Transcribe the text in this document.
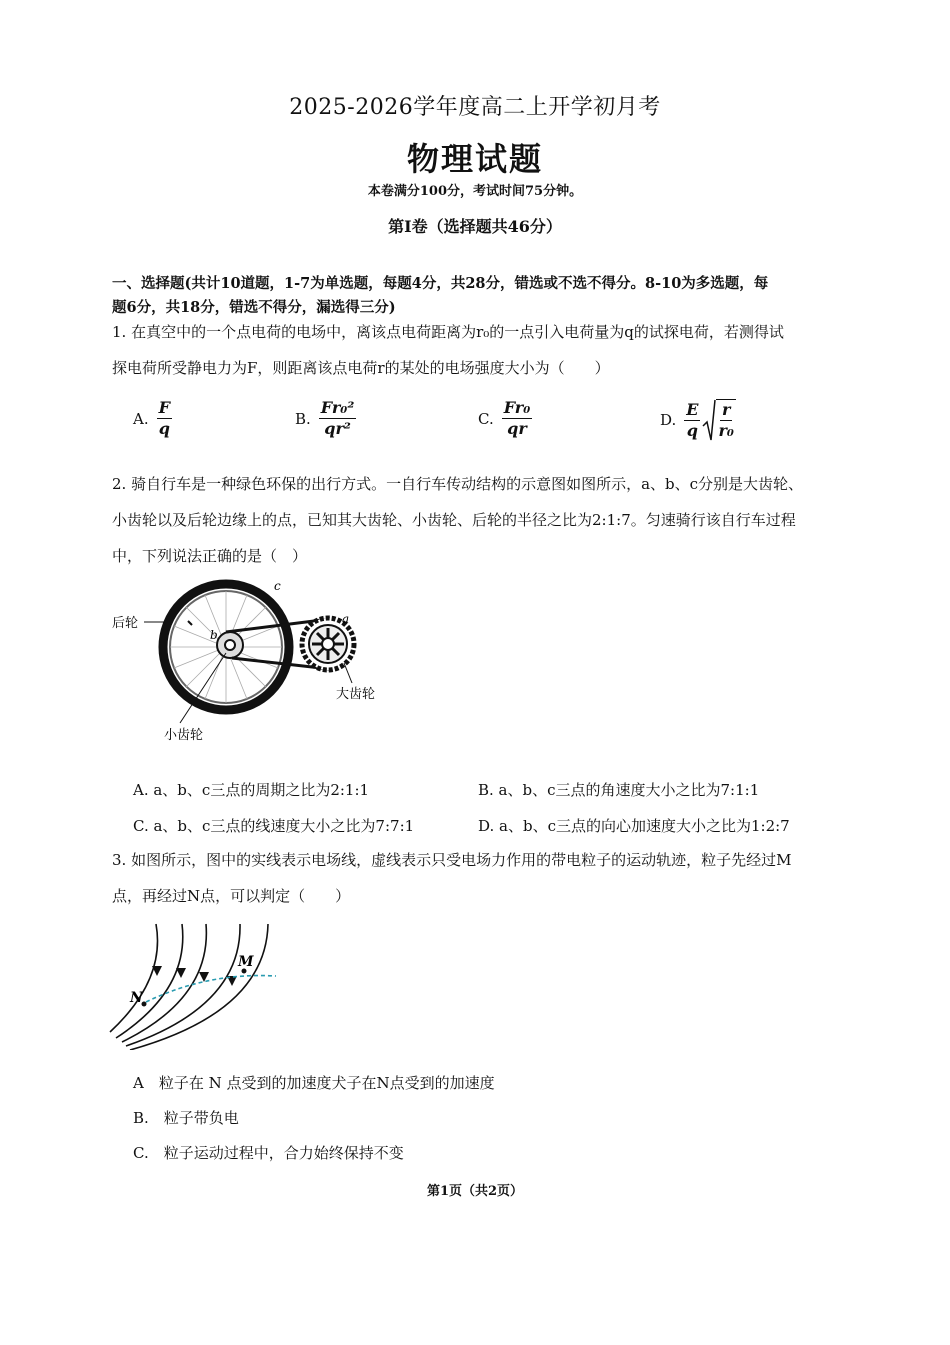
2025-2026学年度高二上开学初月考
物理试题
本卷满分100分，考试时间75分钟。
第Ⅰ卷（选择题共46分）
一、选择题(共计10道题，1-7为单选题，每题4分，共28分，错选或不选不得分。8-10为多选题，每
题6分，共18分，错选不得分，漏选得三分)
1. 在真空中的一个点电荷的电场中，离该点电荷距离为r₀的一点引入电荷量为q的试探电荷，若测得试
探电荷所受静电力为F，则距离该点电荷r的某处的电场强度大小为（　　）
A. $\frac{F}{q}$	B. $\frac{\text{Fr₀²}}{\text{qr²}}$	C. $\frac{\text{Fr₀}}{qr}$	D. $\frac{E}{q} \frac{r}{\text{r₀}}$
2. 骑自行车是一种绿色环保的出行方式。一自行车传动结构的示意图如图所示，a、b、c分别是大齿轮、
小齿轮以及后轮边缘上的点，已知其大齿轮、小齿轮、后轮的半径之比为2:1:7。匀速骑行该自行车过程
中，下列说法正确的是（　）
后轮
大齿轮
小齿轮
a
b
c
A. a、b、c三点的周期之比为2:1:1	B. a、b、c三点的角速度大小之比为7:1:1
C. a、b、c三点的线速度大小之比为7:7:1	D. a、b、c三点的向心加速度大小之比为1:2:7
3. 如图所示，图中的实线表示电场线，虚线表示只受电场力作用的带电粒子的运动轨迹，粒子先经过M
点，再经过N点，可以判定（　　）
N
M
A　粒子在 N 点受到的加速度犬子在N点受到的加速度
B.　粒子带负电
C.　粒子运动过程中，合力始终保持不变
第1页（共2页）
